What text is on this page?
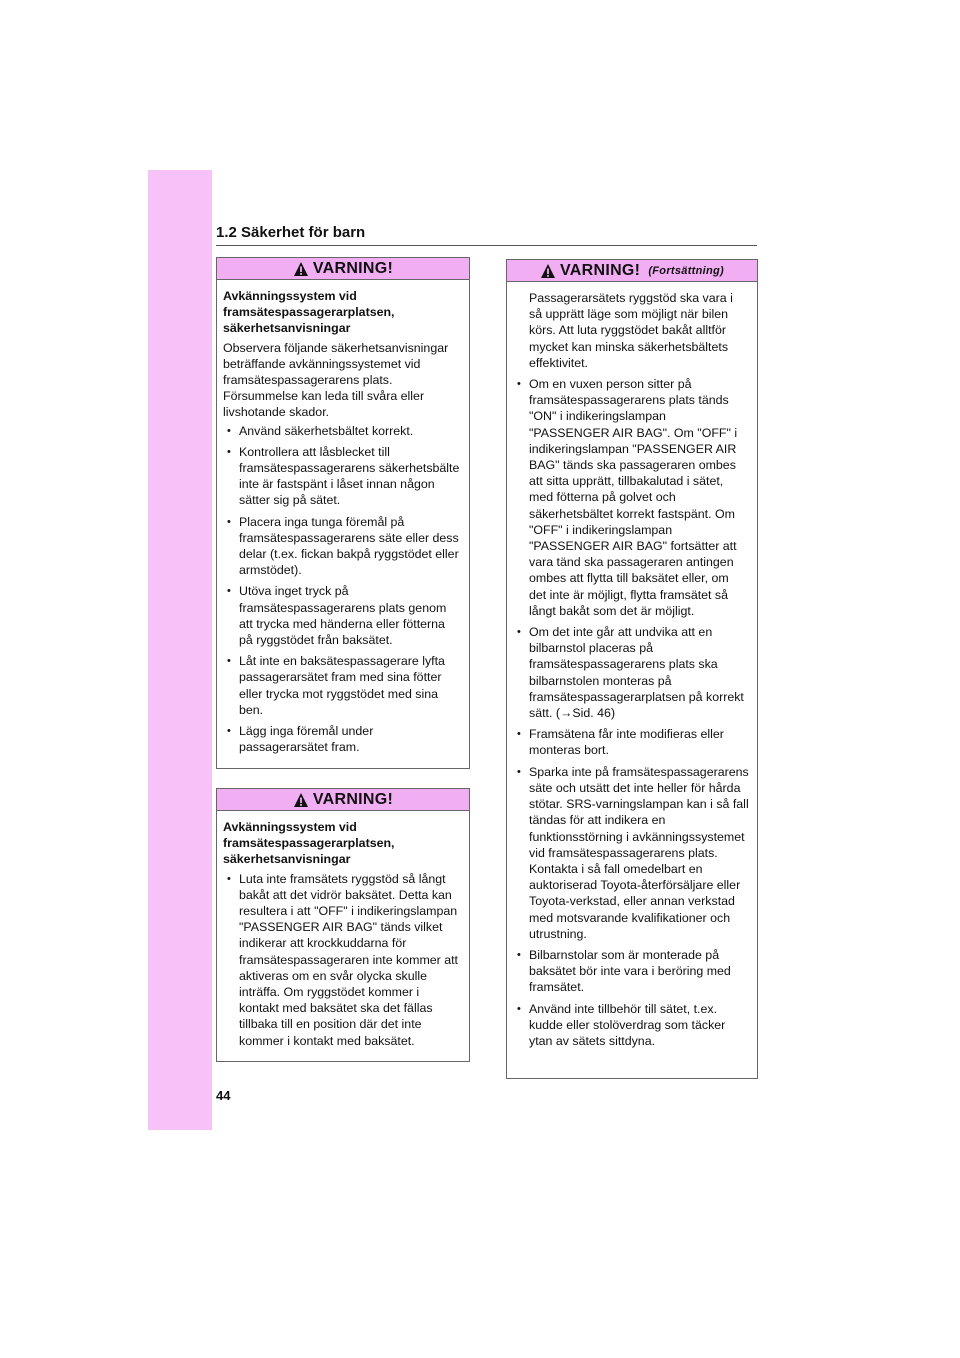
1.2 Säkerhet för barn
VARNING!

Avkänningssystem vid framsätespassagerarplatsen, säkerhetsanvisningar

Observera följande säkerhetsanvisningar beträffande avkänningssystemet vid framsätespassagerarens plats. Försummelse kan leda till svåra eller livshotande skador.

• Använd säkerhetsbältet korrekt.
• Kontrollera att låsblecket till framsätespassagerarens säkerhetsbälte inte är fastspänt i låset innan någon sätter sig på sätet.
• Placera inga tunga föremål på framsätespassagerarens säte eller dess delar (t.ex. fickan bakpå ryggstödet eller armstödet).
• Utöva inget tryck på framsätespassagerarens plats genom att trycka med händerna eller fötterna på ryggstödet från baksätet.
• Låt inte en baksätespassagerare lyfta passagerarsätet fram med sina fötter eller trycka mot ryggstödet med sina ben.
• Lägg inga föremål under passagerarsätet fram.
VARNING!

Avkänningssystem vid framsätespassagerarplatsen, säkerhetsanvisningar

• Luta inte framsätets ryggstöd så långt bakåt att det vidrör baksätet. Detta kan resultera i att "OFF" i indikeringslampan "PASSENGER AIR BAG" tänds vilket indikerar att krockkuddarna för framsätespassageraren inte kommer att aktiveras om en svår olycka skulle inträffa. Om ryggstödet kommer i kontakt med baksätet ska det fällas tillbaka till en position där det inte kommer i kontakt med baksätet.
VARNING! (Fortsättning)
Passagerarsätets ryggstöd ska vara i så upprätt läge som möjligt när bilen körs. Att luta ryggstödet bakåt alltför mycket kan minska säkerhetsbältets effektivitet.
• Om en vuxen person sitter på framsätespassagerarens plats tänds "ON" i indikeringslampan "PASSENGER AIR BAG". Om "OFF" i indikeringslampan "PASSENGER AIR BAG" tänds ska passageraren ombes att sitta upprätt, tillbakalutad i sätet, med fötterna på golvet och säkerhetsbältet korrekt fastspänt. Om "OFF" i indikeringslampan "PASSENGER AIR BAG" fortsätter att vara tänd ska passageraren antingen ombes att flytta till baksätet eller, om det inte är möjligt, flytta framsätet så långt bakåt som det är möjligt.
• Om det inte går att undvika att en bilbarnstol placeras på framsätespassagerarens plats ska bilbarnstolen monteras på framsätespassagerarplatsen på korrekt sätt. (→Sid. 46)
• Framsätena får inte modifieras eller monteras bort.
• Sparka inte på framsätespassagerarens säte och utsätt det inte heller för hårda stötar. SRS-varningslampan kan i så fall tändas för att indikera en funktionsstörning i avkänningssystemet vid framsätespassagerarens plats. Kontakta i så fall omedelbart en auktoriserad Toyota-återförsäljare eller Toyota-verkstad, eller annan verkstad med motsvarande kvalifikationer och utrustning.
• Bilbarnstolar som är monterade på baksätet bör inte vara i beröring med framsätet.
• Använd inte tillbehör till sätet, t.ex. kudde eller stolöverdrag som täcker ytan av sätets sittdyna.
44
